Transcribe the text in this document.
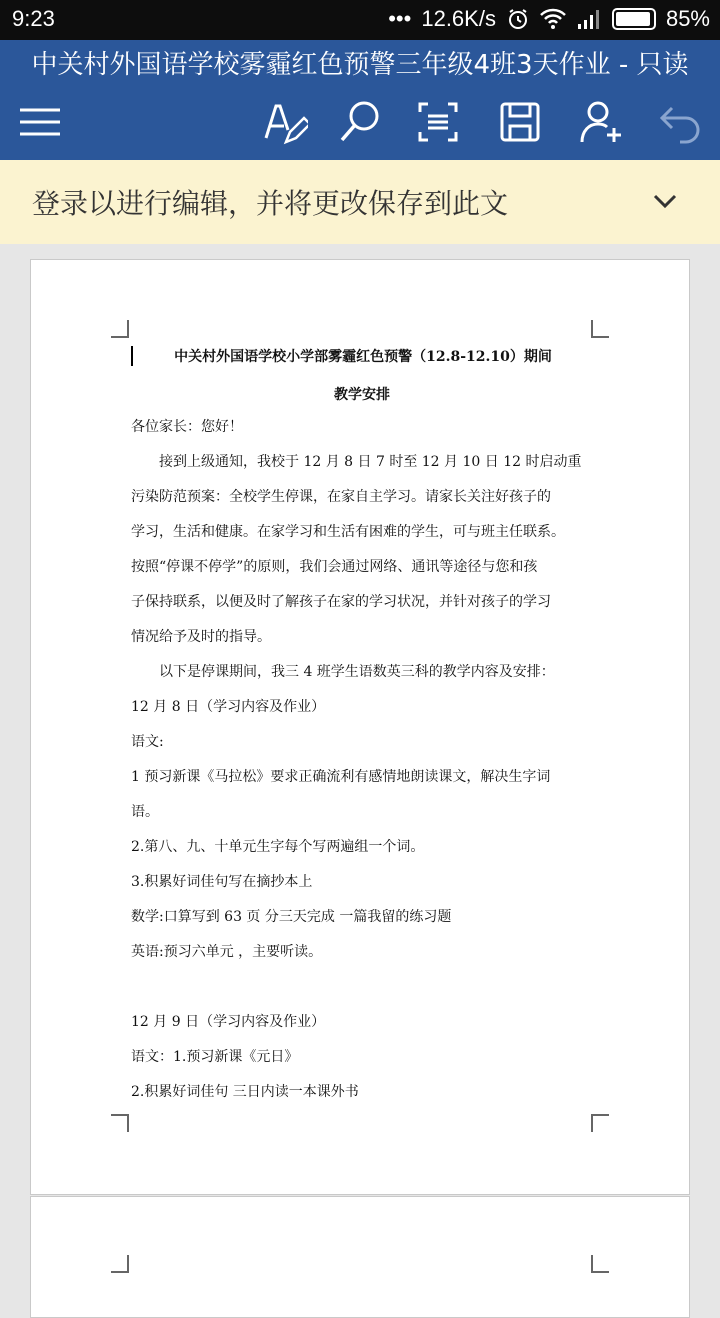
9:23	••• 12.6K/s	85%
中关村外国语学校雾霾红色预警三年级4班3天作业 - 只读
登录以进行编辑，并将更改保存到此文
中关村外国语学校小学部雾霾红色预警（12.8-12.10）期间
教学安排

各位家长：您好！

接到上级通知，我校于 12 月 8 日 7 时至 12 月 10 日 12 时启动重

污染防范预案：全校学生停课，在家自主学习。请家长关注好孩子的

学习，生活和健康。在家学习和生活有困难的学生，可与班主任联系。

按照“停课不停学”的原则，我们会通过网络、通讯等途径与您和孩

子保持联系，以便及时了解孩子在家的学习状况，并针对孩子的学习

情况给予及时的指导。

以下是停课期间，我三 4 班学生语数英三科的教学内容及安排：

12 月 8 日（学习内容及作业）

语文:

1 预习新课《马拉松》要求正确流利有感情地朗读课文，解决生字词

语。

2.第八、九、十单元生字每个写两遍组一个词。

3.积累好词佳句写在摘抄本上

数学:口算写到 63 页 分三天完成 一篇我留的练习题

英语:预习六单元 ，主要听读。

12 月 9 日（学习内容及作业）

语文：1.预习新课《元日》

2.积累好词佳句 三日内读一本课外书
